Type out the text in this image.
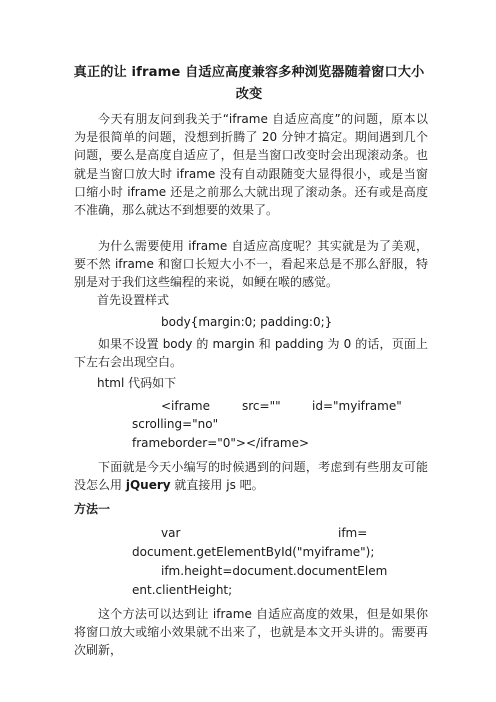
真正的让 iframe 自适应高度兼容多种浏览器随着窗口大小改变
今天有朋友问到我关于“iframe 自适应高度”的问题，原本以为是很简单的问题，没想到折腾了 20 分钟才搞定。期间遇到几个问题，要么是高度自适应了，但是当窗口改变时会出现滚动条。也就是当窗口放大时 iframe 没有自动跟随变大显得很小，或是当窗口缩小时 iframe 还是之前那么大就出现了滚动条。还有或是高度不准确，那么就达不到想要的效果了。
为什么需要使用 iframe 自适应高度呢？其实就是为了美观，要不然 iframe 和窗口长短大小不一，看起来总是不那么舒服，特别是对于我们这些编程的来说，如鲠在喉的感觉。
首先设置样式
body{margin:0; padding:0;}
如果不设置 body 的 margin 和 padding 为 0 的话，页面上下左右会出现空白。
html 代码如下
<iframe	src=""	id="myiframe"
scrolling="no"
frameborder="0"></iframe>
下面就是今天小编写的时候遇到的问题，考虑到有些朋友可能没怎么用 jQuery 就直接用 js 吧。
方法一
var	ifm=
document.getElementById("myiframe");
ifm.height=document.documentElem
ent.clientHeight;
这个方法可以达到让 iframe 自适应高度的效果，但是如果你将窗口放大或缩小效果就不出来了，也就是本文开头讲的。需要再次刷新，
